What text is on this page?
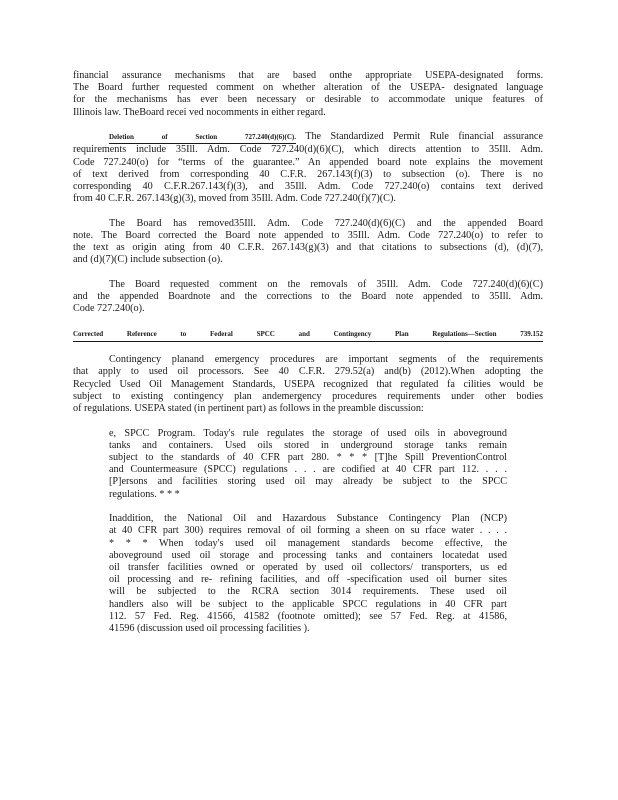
financial assurance mechanisms that are based onthe appropriate USEPA-designated forms.

The Board further requested comment on whether alteration of the USEPA- designated language

for the mechanisms has ever been necessary or desirable to accommodate unique features of

Illinois law. TheBoard recei ved nocomments in either regard.

Deletion	of	Section	727.240(d)(6)(C). The Standardized Permit Rule financial assurance

requirements include 35Ill. Adm. Code 727.240(d)(6)(C), which directs attention to 35Ill. Adm.

Code 727.240(o) for “terms of the guarantee.” An appended board note explains the movement

of text derived from corresponding 40 C.F.R. 267.143(f)(3) to subsection (o). There is no

corresponding 40 C.F.R.267.143(f)(3), and 35Ill. Adm. Code 727.240(o) contains text derived

from 40 C.F.R. 267.143(g)(3), moved from 35Ill. Adm. Code 727.240(f)(7)(C).

The Board has removed35Ill. Adm. Code 727.240(d)(6)(C) and the appended Board

note. The Board corrected the Board note appended to 35Ill. Adm. Code 727.240(o) to refer to

the text as origin ating from 40 C.F.R. 267.143(g)(3) and that citations to subsections (d), (d)(7),

and (d)(7)(C) include subsection (o).

The Board requested comment on the removals of 35Ill. Adm. Code 727.240(d)(6)(C)

and the appended Boardnote and the corrections to the Board note appended to 35Ill. Adm.

Code 727.240(o).

Corrected	Reference	to	Federal	SPCC	and	Contingency	Plan	Regulations—Section	739.152

Contingency planand emergency procedures are important segments of the requirements

that apply to used oil processors. See 40 C.F.R. 279.52(a) and(b) (2012).When adopting the

Recycled Used Oil Management Standards, USEPA recognized that regulated fa cilities would be

subject to existing contingency plan andemergency procedures requirements under other bodies

of regulations. USEPA stated (in pertinent part) as follows in the preamble discussion:

e, SPCC Program. Today's rule regulates the storage of used oils in aboveground

tanks and containers. Used oils stored in underground storage tanks remain

subject to the standards of 40 CFR part 280. * * * [T]he Spill PreventionControl

and Countermeasure (SPCC) regulations . . . are codified at 40 CFR part 112. . . .

[P]ersons and facilities storing used oil may already be subject to the SPCC

regulations. * * *

Inaddition, the National Oil and Hazardous Substance Contingency Plan (NCP)

at 40 CFR part 300) requires removal of oil forming a sheen on su rface water . . . .

* * * When today's used oil management standards become effective, the

aboveground used oil storage and processing tanks and containers locatedat used

oil transfer facilities owned or operated by used oil collectors/ transporters, us ed

oil processing and re- refining facilities, and off -specification used oil burner sites

will be subjected to the RCRA section 3014 requirements. These used oil

handlers also will be subject to the applicable SPCC regulations in 40 CFR part

112. 57 Fed. Reg. 41566, 41582 (footnote omitted); see 57 Fed. Reg. at 41586,

41596 (discussion used oil processing facilities ).
